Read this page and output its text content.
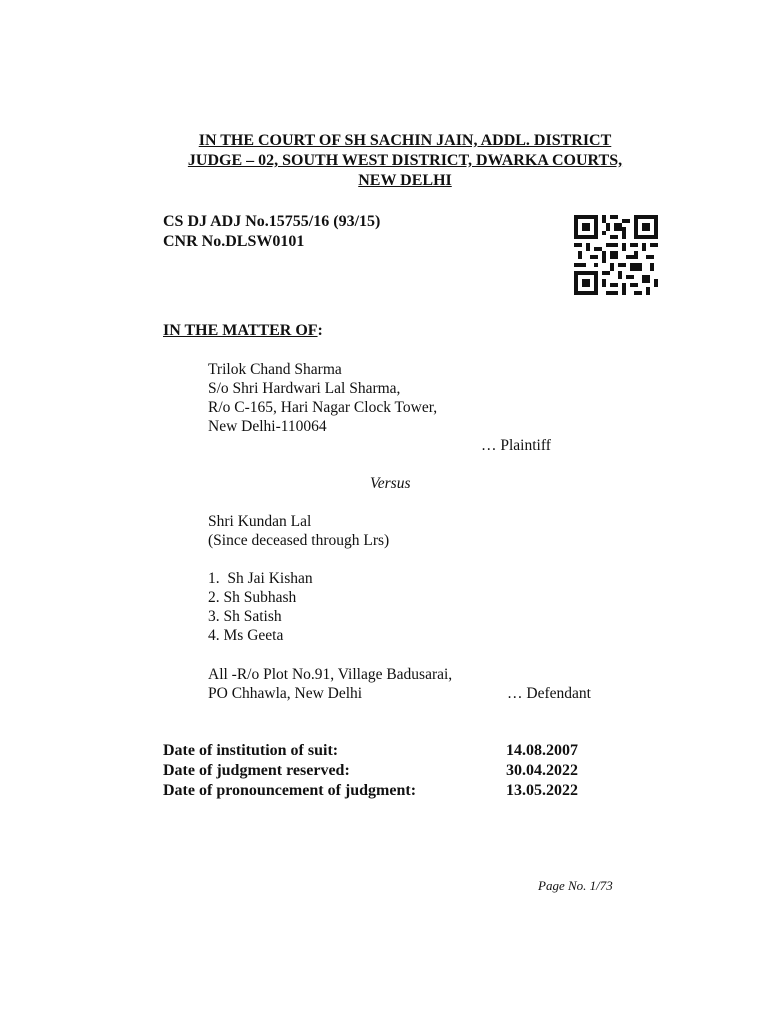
IN THE COURT OF SH SACHIN JAIN, ADDL. DISTRICT
JUDGE – 02, SOUTH WEST DISTRICT, DWARKA COURTS,
NEW DELHI
CS DJ ADJ No.15755/16 (93/15)
CNR No.DLSW0101
IN THE MATTER OF:
Trilok Chand Sharma
S/o Shri Hardwari Lal Sharma,
R/o C-165, Hari Nagar Clock Tower,
New Delhi-110064
… Plaintiff
Versus
Shri Kundan Lal
(Since deceased through Lrs)
1.  Sh Jai Kishan
2. Sh Subhash
3. Sh Satish
4. Ms Geeta
All -R/o Plot No.91, Village Badusarai,
PO Chhawla, New Delhi	… Defendant
Date of institution of suit:	14.08.2007
Date of judgment reserved:	30.04.2022
Date of pronouncement of judgment:	13.05.2022
Page No. 1/73
